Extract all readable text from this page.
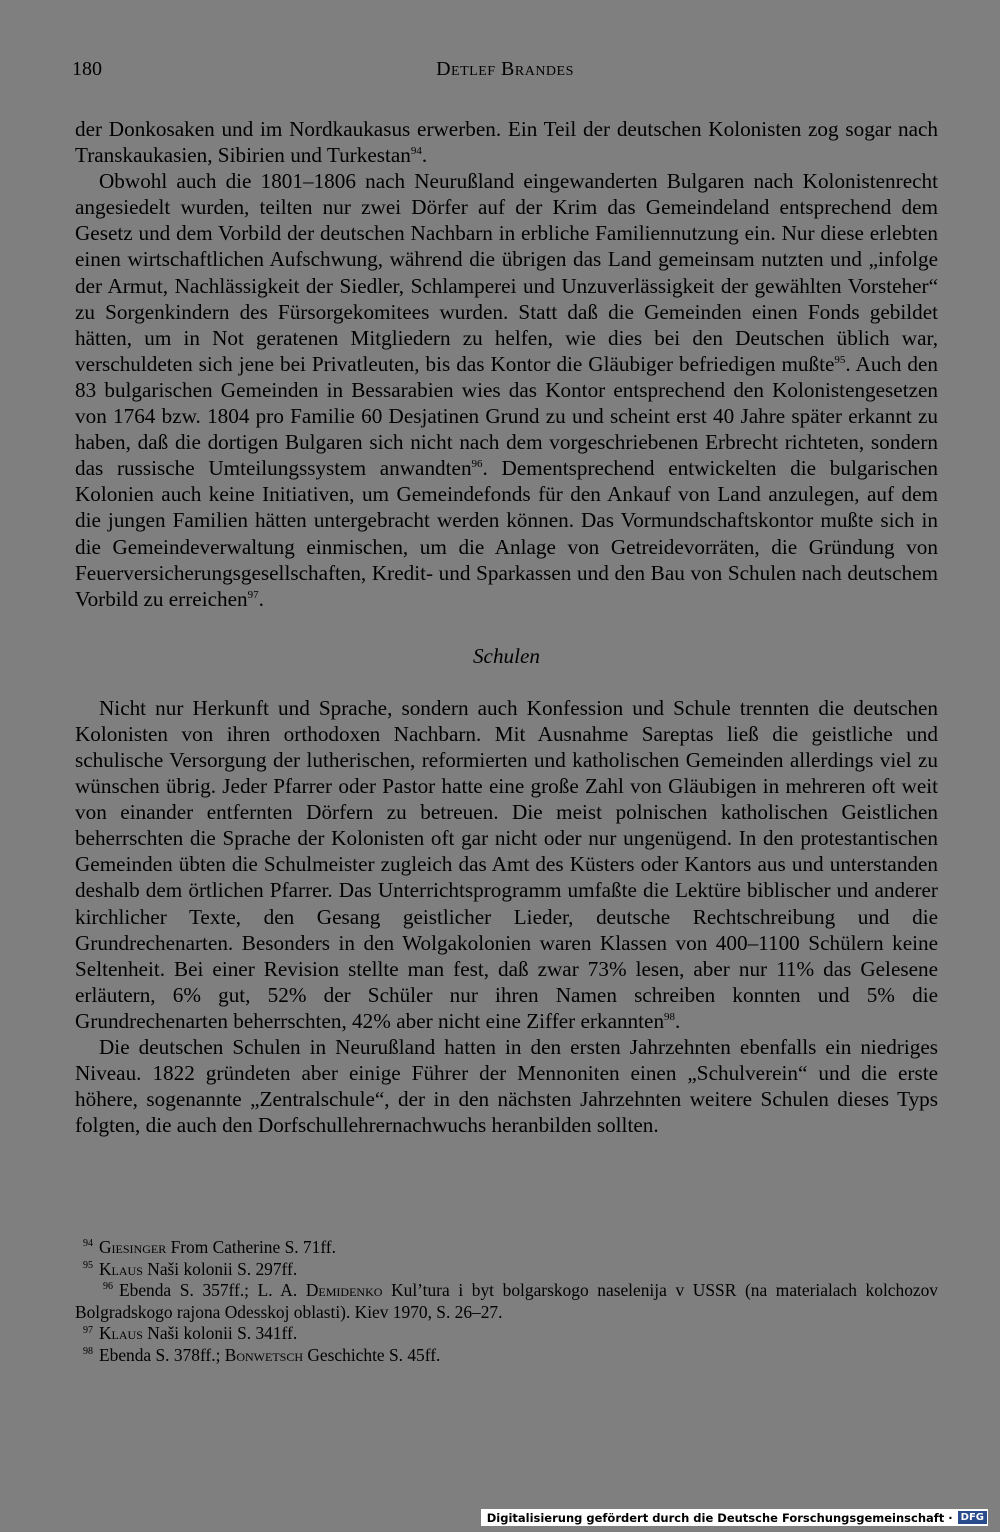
180	Detlef Brandes

der Donkosaken und im Nordkaukasus erwerben. Ein Teil der deutschen Kolonisten zog sogar nach Transkaukasien, Sibirien und Turkestan$^{94}$.

Obwohl auch die 1801–1806 nach Neurußland eingewanderten Bulgaren nach Kolonistenrecht angesiedelt wurden, teilten nur zwei Dörfer auf der Krim das Gemeindeland entsprechend dem Gesetz und dem Vorbild der deutschen Nachbarn in erbliche Familiennutzung ein. Nur diese erlebten einen wirtschaftlichen Aufschwung, während die übrigen das Land gemeinsam nutzten und „infolge der Armut, Nachlässigkeit der Siedler, Schlamperei und Unzuverlässigkeit der gewählten Vorsteher“ zu Sorgenkindern des Fürsorgekomitees wurden. Statt daß die Gemeinden einen Fonds gebildet hätten, um in Not geratenen Mitgliedern zu helfen, wie dies bei den Deutschen üblich war, verschuldeten sich jene bei Privatleuten, bis das Kontor die Gläubiger befriedigen mußte$^{95}$. Auch den 83 bulgarischen Gemeinden in Bessarabien wies das Kontor entsprechend den Kolonistengesetzen von 1764 bzw. 1804 pro Familie 60 Desjatinen Grund zu und scheint erst 40 Jahre später erkannt zu haben, daß die dortigen Bulgaren sich nicht nach dem vorgeschriebenen Erbrecht richteten, sondern das russische Umteilungssystem anwandten$^{96}$. Dementsprechend entwickelten die bulgarischen Kolonien auch keine Initiativen, um Gemeindefonds für den Ankauf von Land anzulegen, auf dem die jungen Familien hätten untergebracht werden können. Das Vormundschaftskontor mußte sich in die Gemeindeverwaltung einmischen, um die Anlage von Getreidevorräten, die Gründung von Feuerversicherungsgesellschaften, Kredit- und Sparkassen und den Bau von Schulen nach deutschem Vorbild zu erreichen$^{97}$.

Schulen

Nicht nur Herkunft und Sprache, sondern auch Konfession und Schule trennten die deutschen Kolonisten von ihren orthodoxen Nachbarn. Mit Ausnahme Sareptas ließ die geistliche und schulische Versorgung der lutherischen, reformierten und katholischen Gemeinden allerdings viel zu wünschen übrig. Jeder Pfarrer oder Pastor hatte eine große Zahl von Gläubigen in mehreren oft weit von einander entfernten Dörfern zu betreuen. Die meist polnischen katholischen Geistlichen beherrschten die Sprache der Kolonisten oft gar nicht oder nur ungenügend. In den protestantischen Gemeinden übten die Schulmeister zugleich das Amt des Küsters oder Kantors aus und unterstanden deshalb dem örtlichen Pfarrer. Das Unterrichtsprogramm umfaßte die Lektüre biblischer und anderer kirchlicher Texte, den Gesang geistlicher Lieder, deutsche Rechtschreibung und die Grundrechenarten. Besonders in den Wolgakolonien waren Klassen von 400–1100 Schülern keine Seltenheit. Bei einer Revision stellte man fest, daß zwar 73% lesen, aber nur 11% das Gelesene erläutern, 6% gut, 52% der Schüler nur ihren Namen schreiben konnten und 5% die Grundrechenarten beherrschten, 42% aber nicht eine Ziffer erkannten$^{98}$.

Die deutschen Schulen in Neurußland hatten in den ersten Jahrzehnten ebenfalls ein niedriges Niveau. 1822 gründeten aber einige Führer der Mennoniten einen „Schulverein“ und die erste höhere, sogenannte „Zentralschule“, der in den nächsten Jahrzehnten weitere Schulen dieses Typs folgten, die auch den Dorfschullehrernachwuchs heranbilden sollten.

$^{94}$ Giesinger From Catherine S. 71ff.

$^{95}$ Klaus Naši kolonii S. 297ff.

$^{96}$ Ebenda S. 357ff.; L. A. Demidenko Kul’tura i byt bolgarskogo naselenija v USSR (na materialach kolchozov Bolgradskogo rajona Odesskoj oblasti). Kiev 1970, S. 26–27.

$^{97}$ Klaus Naši kolonii S. 341ff.

$^{98}$ Ebenda S. 378ff.; Bonwetsch Geschichte S. 45ff.

Digitalisierung gefördert durch die Deutsche Forschungsgemeinschaft · DFG
